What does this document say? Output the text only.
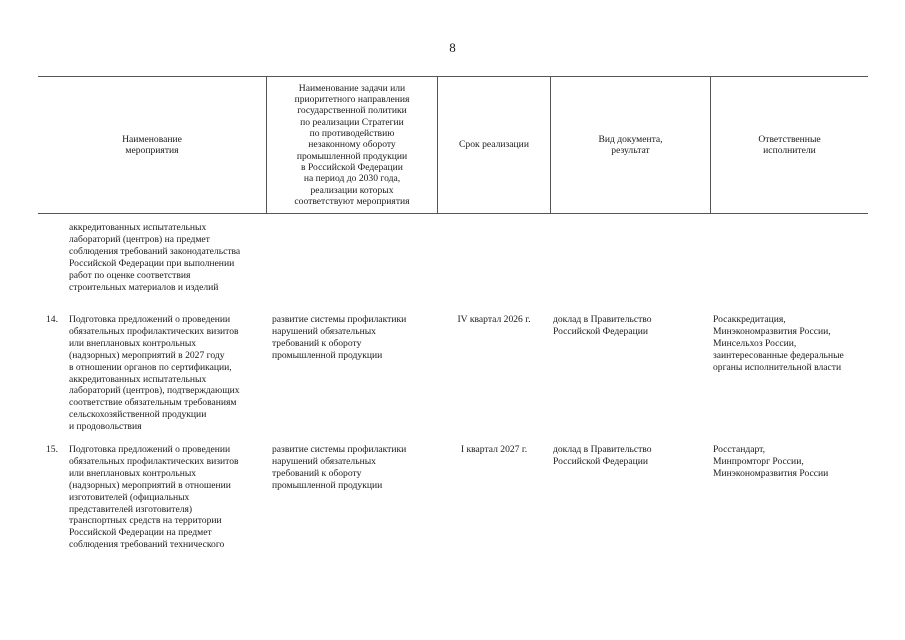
8
Наименование
мероприятия
Наименование задачи или
приоритетного направления
государственной политики
по реализации Стратегии
по противодействию
незаконному обороту
промышленной продукции
в Российской Федерации
на период до 2030 года,
реализации которых
соответствуют мероприятия
Срок реализации
Вид документа,
результат
Ответственные
исполнители
аккредитованных испытательных
лабораторий (центров) на предмет
соблюдения требований законодательства
Российской Федерации при выполнении
работ по оценке соответствия
строительных материалов и изделий
14. Подготовка предложений о проведении
обязательных профилактических визитов
или внеплановых контрольных
(надзорных) мероприятий в 2027 году
в отношении органов по сертификации,
аккредитованных испытательных
лабораторий (центров), подтверждающих
соответствие обязательным требованиям
сельскохозяйственной продукции
и продовольствия
развитие системы профилактики
нарушений обязательных
требований к обороту
промышленной продукции
IV квартал 2026 г.	доклад в Правительство
Российской Федерации
Росаккредитация,
Минэкономразвития России,
Минсельхоз России,
заинтересованные федеральные
органы исполнительной власти
15. Подготовка предложений о проведении
обязательных профилактических визитов
или внеплановых контрольных
(надзорных) мероприятий в отношении
изготовителей (официальных
представителей изготовителя)
транспортных средств на территории
Российской Федерации на предмет
соблюдения требований технического
развитие системы профилактики
нарушений обязательных
требований к обороту
промышленной продукции
I квартал 2027 г.	доклад в Правительство
Российской Федерации
Росстандарт,
Минпромторг России,
Минэкономразвития России
